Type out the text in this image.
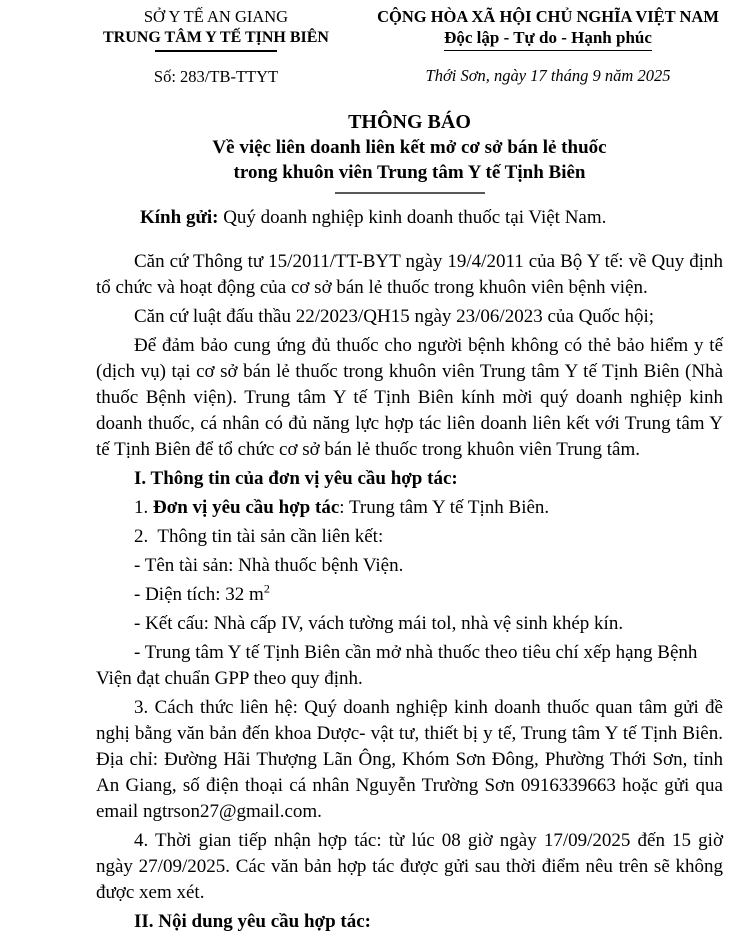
SỞ Y TẾ AN GIANG
TRUNG TÂM Y TẾ TỊNH BIÊN
Số: 283/TB-TTYT
CỘNG HÒA XÃ HỘI CHỦ NGHĨA VIỆT NAM
Độc lập - Tự do - Hạnh phúc
Thới Sơn, ngày 17 tháng 9 năm 2025
THÔNG BÁO
Về việc liên doanh liên kết mở cơ sở bán lẻ thuốc
trong khuôn viên Trung tâm Y tế Tịnh Biên
Kính gửi: Quý doanh nghiệp kinh doanh thuốc tại Việt Nam.

Căn cứ Thông tư 15/2011/TT-BYT ngày 19/4/2011 của Bộ Y tế: về Quy định tổ chức và hoạt động của cơ sở bán lẻ thuốc trong khuôn viên bệnh viện.

Căn cứ luật đấu thầu 22/2023/QH15 ngày 23/06/2023 của Quốc hội;

Để đảm bảo cung ứng đủ thuốc cho người bệnh không có thẻ bảo hiểm y tế (dịch vụ) tại cơ sở bán lẻ thuốc trong khuôn viên Trung tâm Y tế Tịnh Biên (Nhà thuốc Bệnh viện). Trung tâm Y tế Tịnh Biên kính mời quý doanh nghiệp kinh doanh thuốc, cá nhân có đủ năng lực hợp tác liên doanh liên kết với Trung tâm Y tế Tịnh Biên để tổ chức cơ sở bán lẻ thuốc trong khuôn viên Trung tâm.

I. Thông tin của đơn vị yêu cầu hợp tác:

1. Đơn vị yêu cầu hợp tác: Trung tâm Y tế Tịnh Biên.

2.  Thông tin tài sản cần liên kết:

- Tên tài sản: Nhà thuốc bệnh Viện.

- Diện tích: 32 $m^2$

- Kết cấu: Nhà cấp IV, vách tường mái tol, nhà vệ sinh khép kín.

- Trung tâm Y tế Tịnh Biên cần mở nhà thuốc theo tiêu chí xếp hạng Bệnh Viện đạt chuẩn GPP theo quy định.

3. Cách thức liên hệ: Quý doanh nghiệp kinh doanh thuốc quan tâm gửi đề nghị bằng văn bản đến khoa Dược- vật tư, thiết bị y tế, Trung tâm Y tế Tịnh Biên. Địa chỉ: Đường Hãi Thượng Lãn Ông, Khóm Sơn Đông, Phường Thới Sơn, tỉnh An Giang, số điện thoại cá nhân Nguyễn Trường Sơn 0916339663 hoặc gửi qua email ngtrson27@gmail.com.

4. Thời gian tiếp nhận hợp tác: từ lúc 08 giờ ngày 17/09/2025 đến 15 giờ ngày 27/09/2025. Các văn bản hợp tác được gửi sau thời điểm nêu trên sẽ không được xem xét.

II. Nội dung yêu cầu hợp tác:
